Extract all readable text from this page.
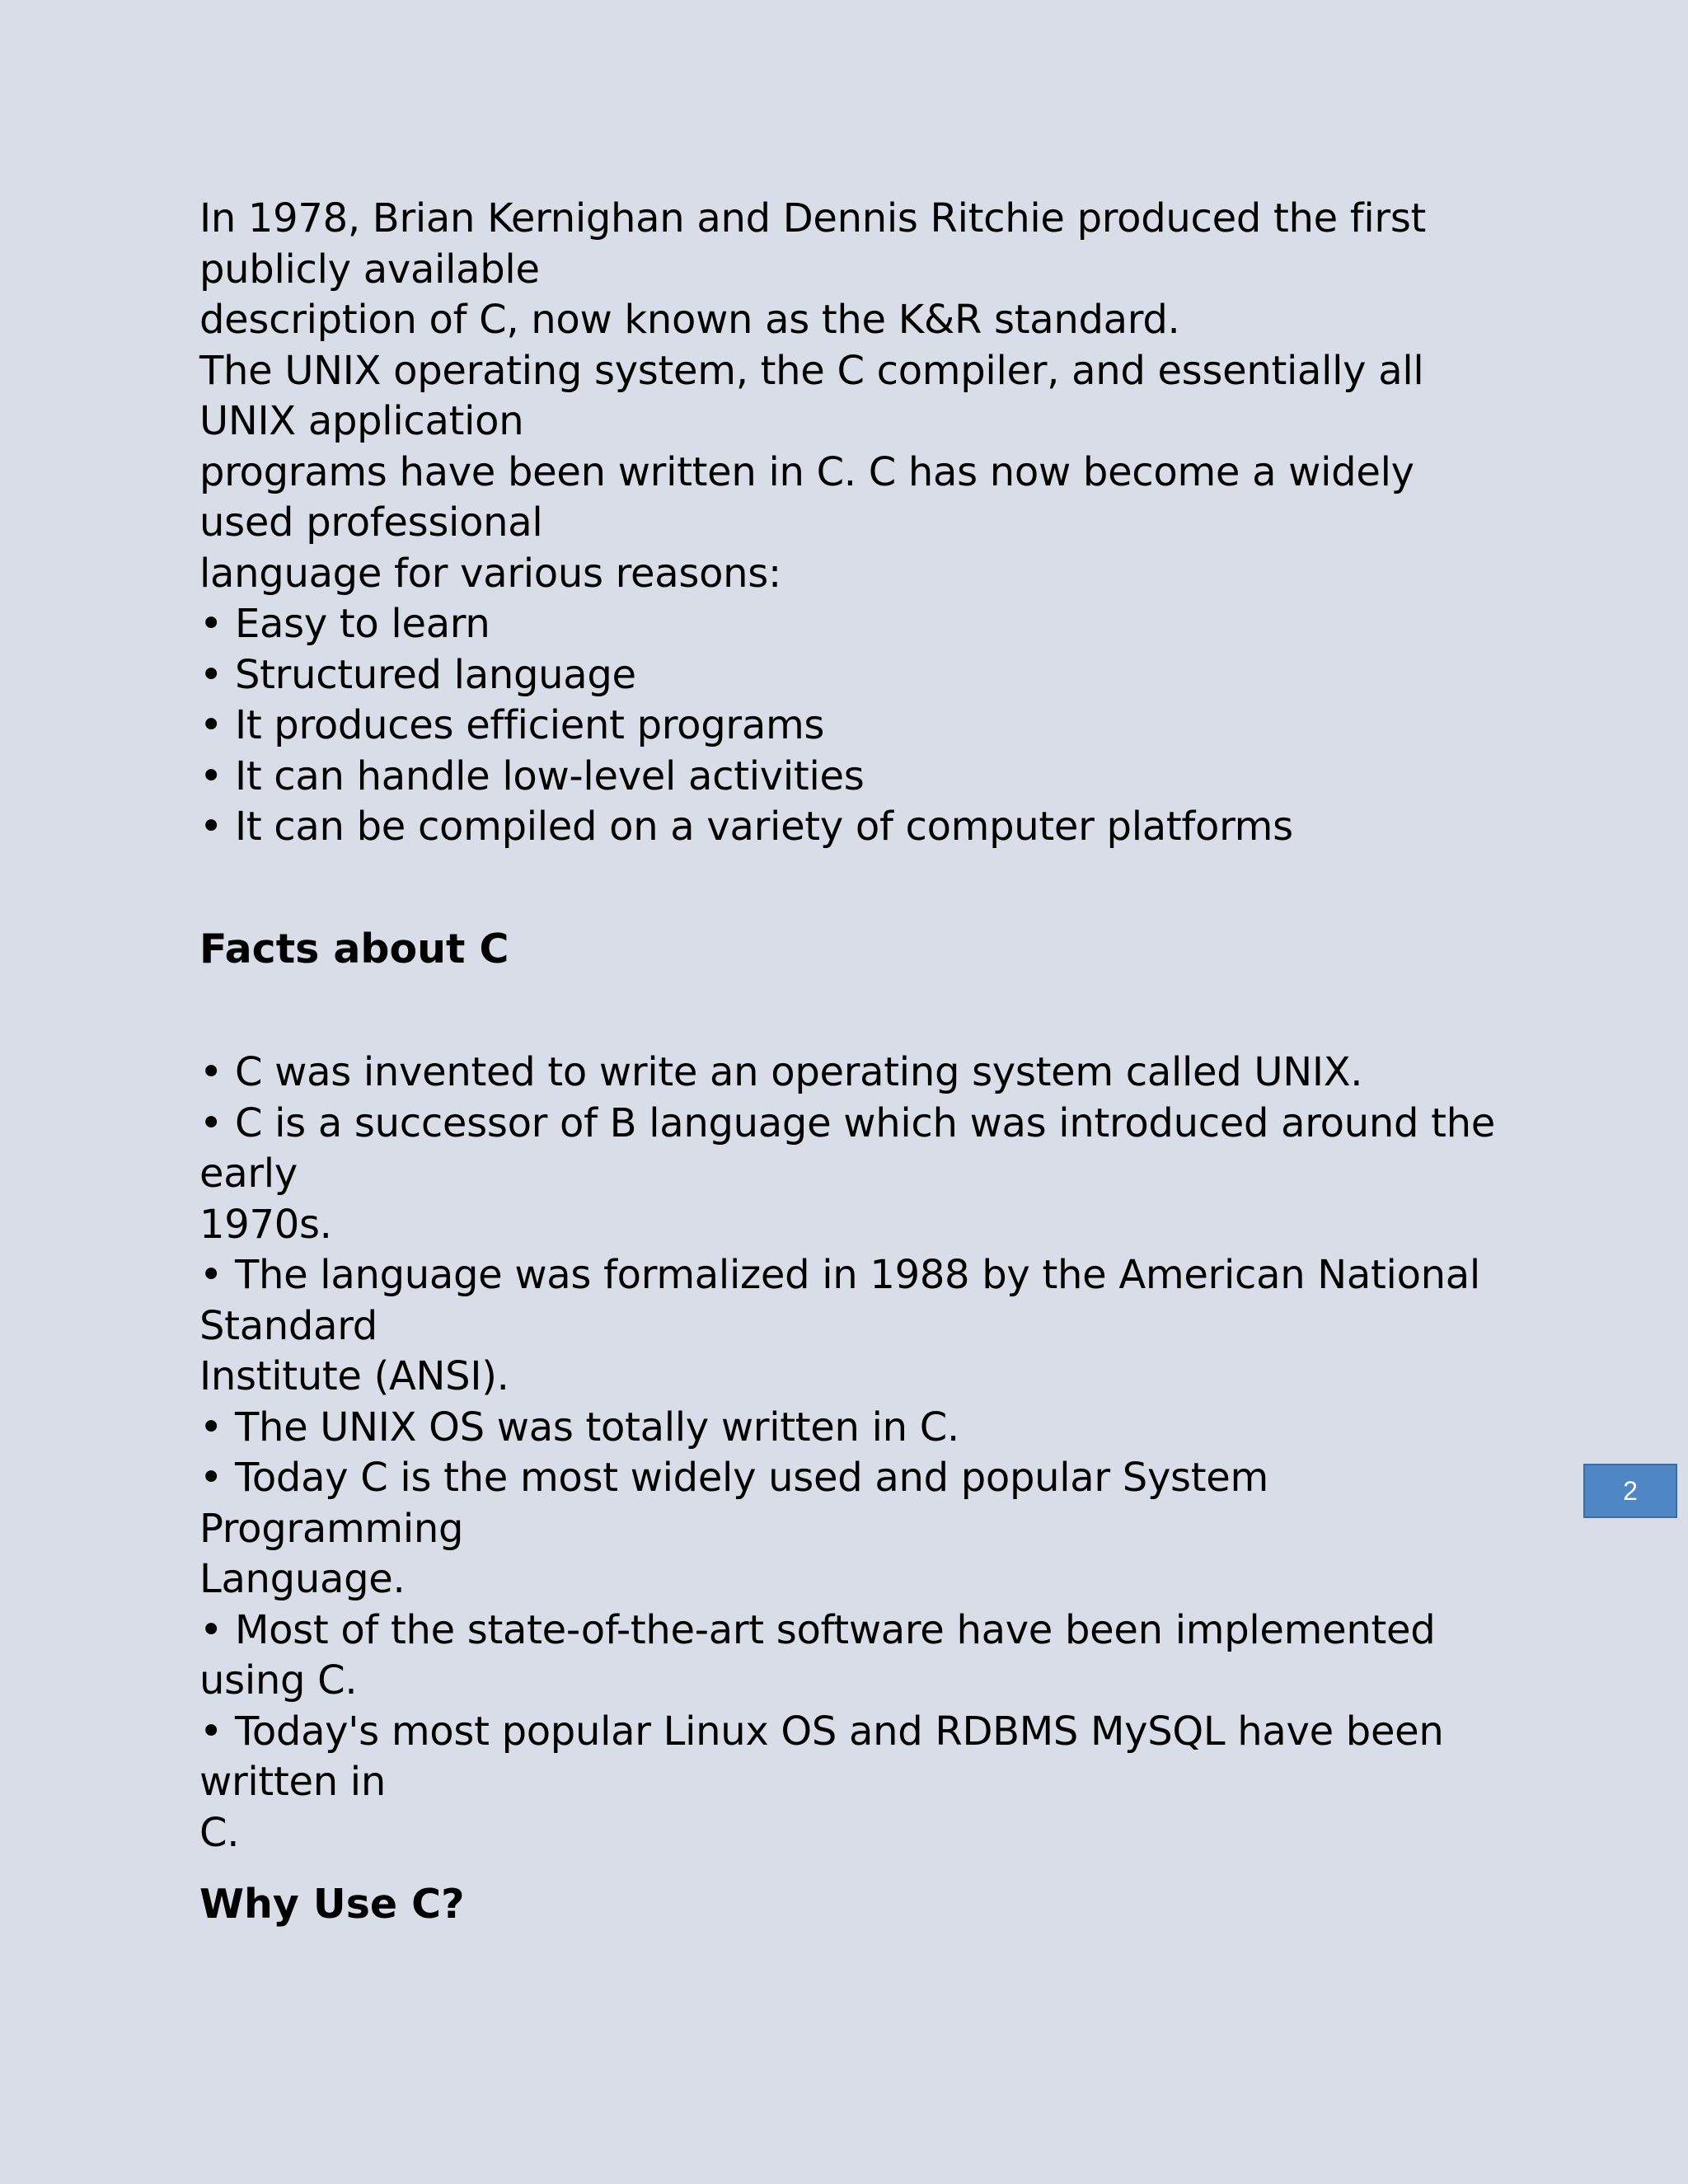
In 1978, Brian Kernighan and Dennis Ritchie produced the first
publicly available
description of C, now known as the K&R standard.
The UNIX operating system, the C compiler, and essentially all
UNIX application
programs have been written in C. C has now become a widely
used professional
language for various reasons:
• Easy to learn
• Structured language
• It produces efficient programs
• It can handle low-level activities
• It can be compiled on a variety of computer platforms
Facts about C
• C was invented to write an operating system called UNIX.
• C is a successor of B language which was introduced around the
early
1970s.
• The language was formalized in 1988 by the American National
Standard
Institute (ANSI).
• The UNIX OS was totally written in C.
• Today C is the most widely used and popular System
Programming
Language.
• Most of the state-of-the-art software have been implemented
using C.
• Today's most popular Linux OS and RDBMS MySQL have been
written in
C.
Why Use C?
2
